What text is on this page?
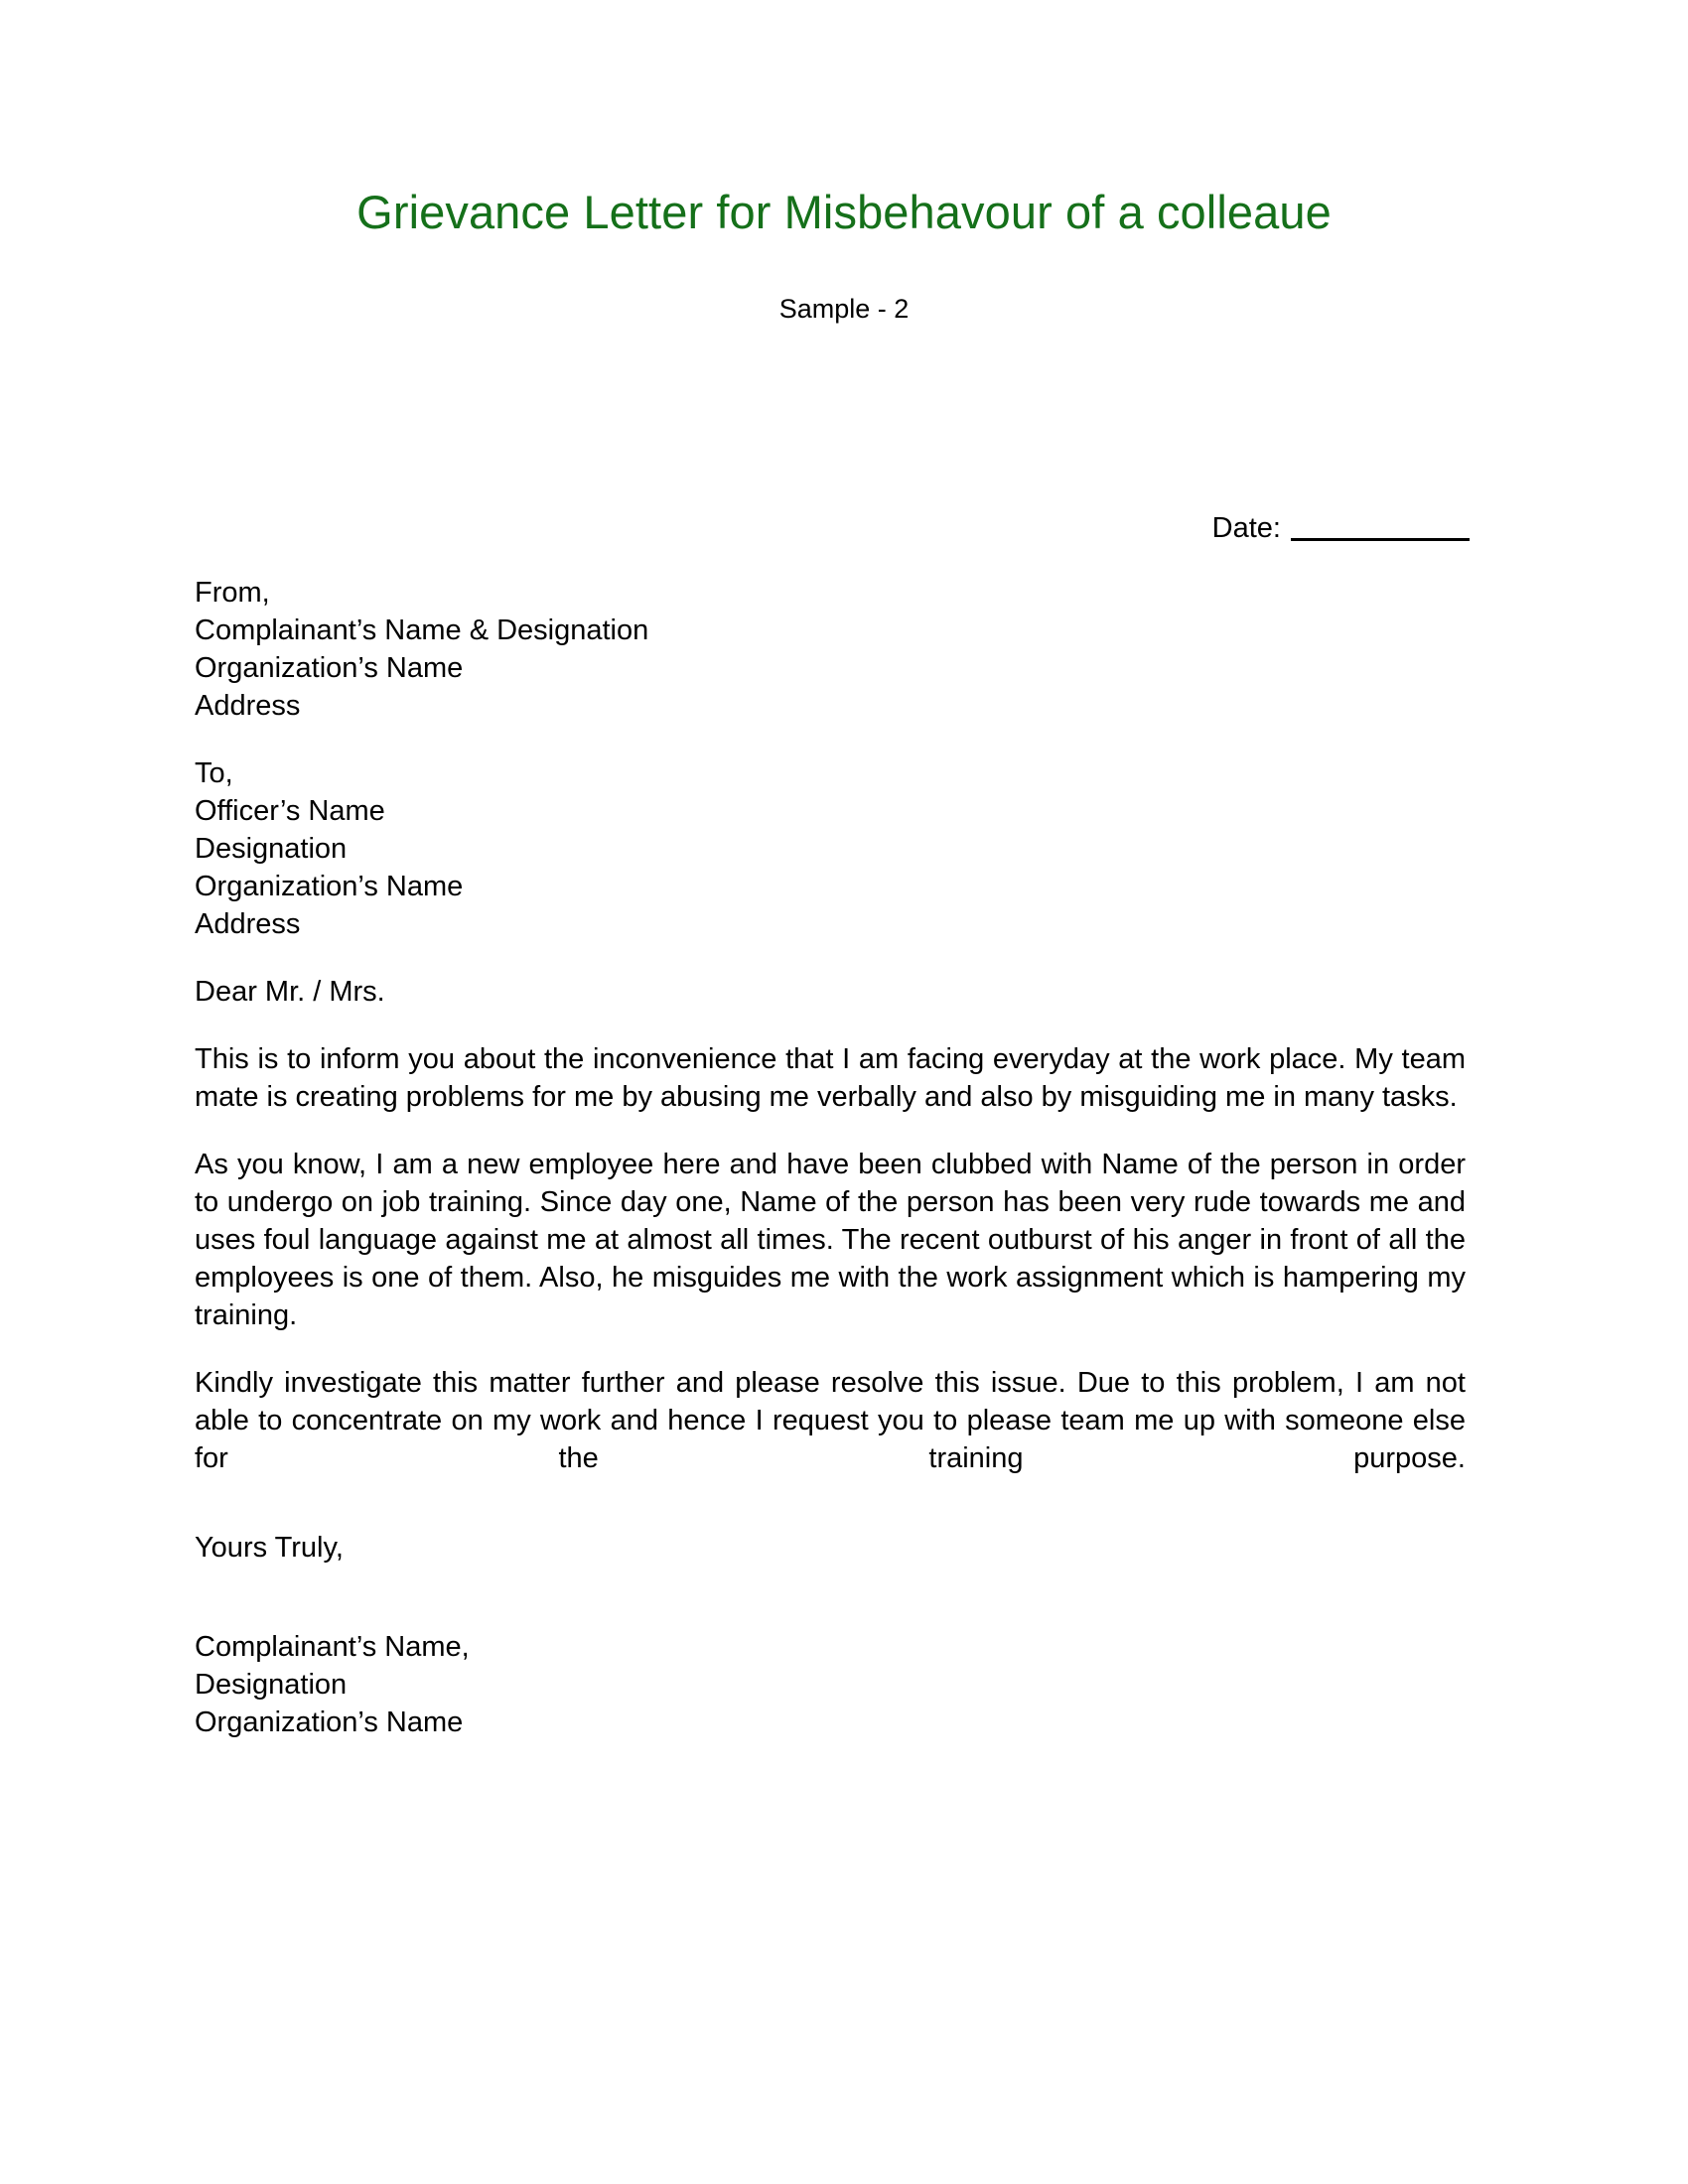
Grievance Letter for Misbehavour of a colleaue
Sample - 2
Date:
From,
Complainant’s Name & Designation
Organization’s Name
Address
To,
Officer’s Name
Designation
Organization’s Name
Address
Dear Mr. / Mrs.

This is to inform you about the inconvenience that I am facing everyday at the work place. My team mate is creating problems for me by abusing me verbally and also by misguiding me in many tasks.

As you know, I am a new employee here and have been clubbed with Name of the person in order to undergo on job training. Since day one, Name of the person has been very rude towards me and uses foul language against me at almost all times. The recent outburst of his anger in front of all the employees is one of them. Also, he misguides me with the work assignment which is hampering my training.

Kindly investigate this matter further and please resolve this issue. Due to this problem, I am not able to concentrate on my work and hence I request you to please team me up with someone else for the training purpose.

Yours Truly,
Complainant’s Name,
Designation
Organization’s Name
